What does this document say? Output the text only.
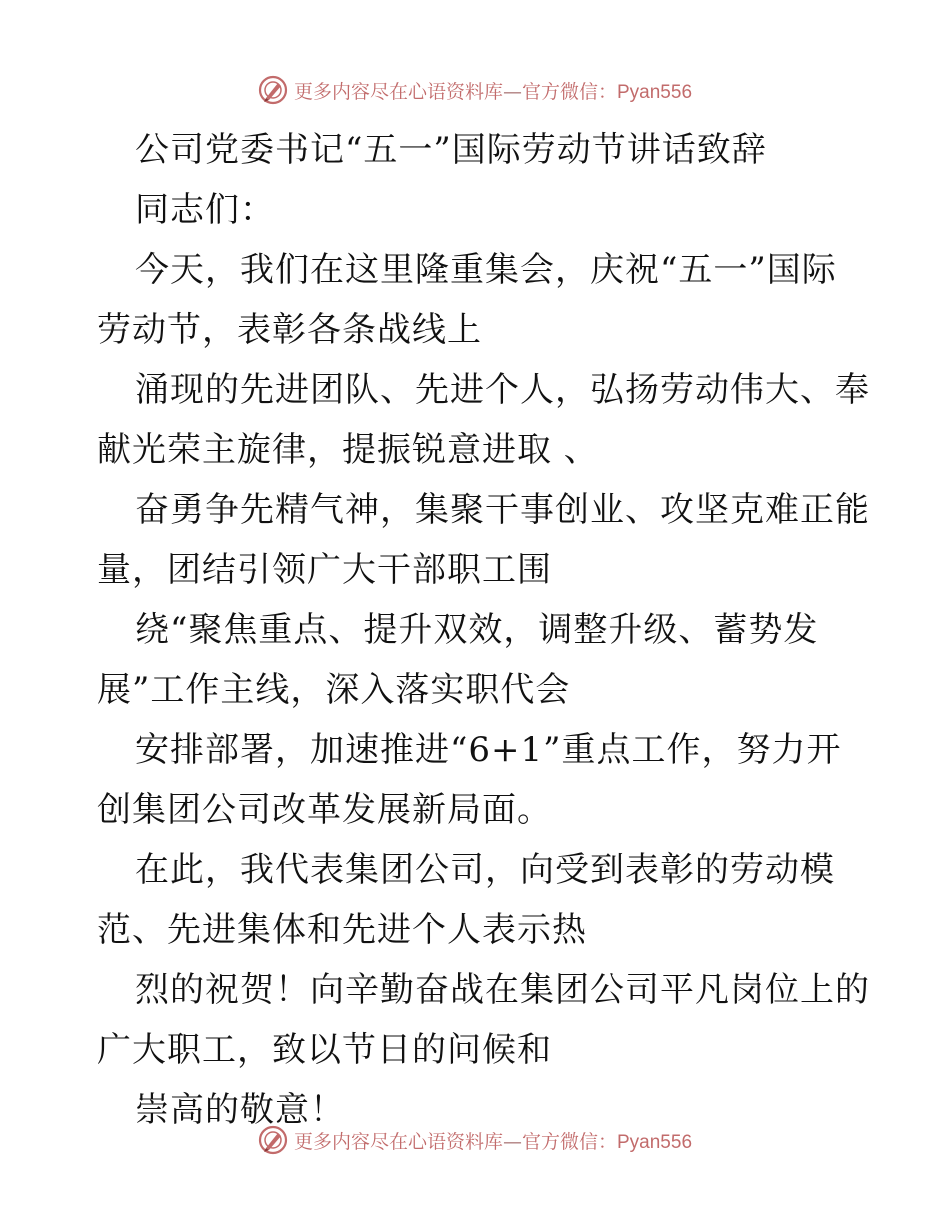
更多内容尽在心语资料库—官方微信：Pyan556
公司党委书记“五一”国际劳动节讲话致辞
同志们：
今天，我们在这里隆重集会，庆祝“五一”国际
劳动节，表彰各条战线上
涌现的先进团队、先进个人，弘扬劳动伟大、奉
献光荣主旋律，提振锐意进取 、
奋勇争先精气神，集聚干事创业、攻坚克难正能
量，团结引领广大干部职工围
绕“聚焦重点、提升双效，调整升级、蓄势发
展”工作主线，深入落实职代会
安排部署，加速推进“6+1”重点工作，努力开
创集团公司改革发展新局面。
在此，我代表集团公司，向受到表彰的劳动模
范、先进集体和先进个人表示热
烈的祝贺！向辛勤奋战在集团公司平凡岗位上的
广大职工，致以节日的问候和
崇高的敬意！
更多内容尽在心语资料库—官方微信：Pyan556
